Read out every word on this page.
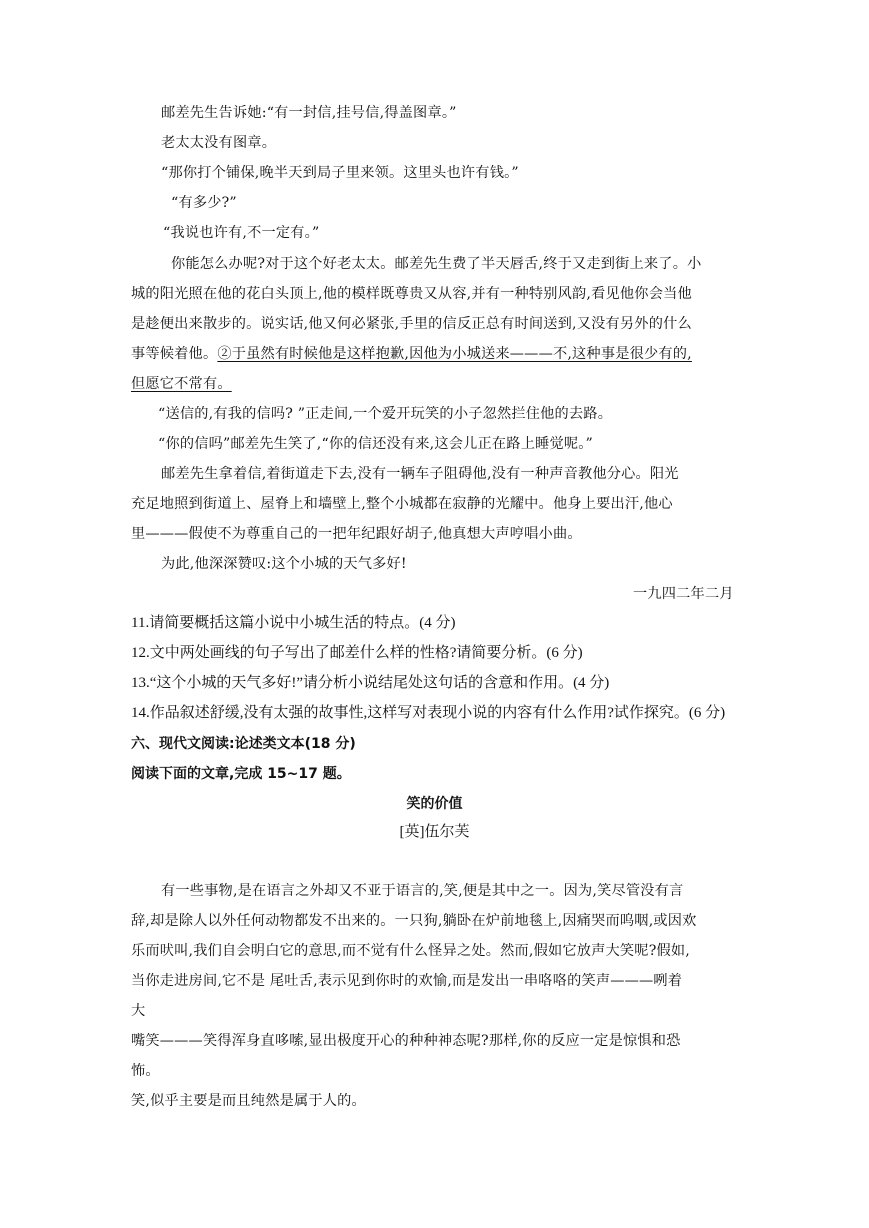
邮差先生告诉她:“有一封信,挂号信,得盖图章。”
老太太没有图章。
“那你打个铺保,晚半天到局子里来领。这里头也许有钱。”
“有多少?”
“我说也许有,不一定有。”
你能怎么办呢?对于这个好老太太。邮差先生费了半天唇舌,终于又走到街上来了。小
城的阳光照在他的花白头顶上,他的模样既尊贵又从容,并有一种特别风韵,看见他你会当他
是趁便出来散步的。说实话,他又何必紧张,手里的信反正总有时间送到,又没有另外的什么
事等候着他。②于虽然有时候他是这样抱歉,因他为小城送来———不,这种事是很少有的,
但愿它不常有。
“送信的,有我的信吗? ”正走间,一个爱开玩笑的小子忽然拦住他的去路。
“你的信吗”邮差先生笑了,“你的信还没有来,这会儿正在路上睡觉呢。”
邮差先生拿着信,着街道走下去,没有一辆车子阻碍他,没有一种声音教他分心。阳光
充足地照到街道上、屋脊上和墙壁上,整个小城都在寂静的光耀中。他身上要出汗,他心
里———假使不为尊重自己的一把年纪跟好胡子,他真想大声哼唱小曲。
为此,他深深赞叹:这个小城的天气多好!
一九四二年二月
11.请简要概括这篇小说中小城生活的特点。(4 分)
12.文中两处画线的句子写出了邮差什么样的性格?请简要分析。(6 分)
13.“这个小城的天气多好!”请分析小说结尾处这句话的含意和作用。(4 分)
14.作品叙述舒缓,没有太强的故事性,这样写对表现小说的内容有什么作用?试作探究。(6 分)
六、现代文阅读:论述类文本(18 分)
阅读下面的文章,完成 15~17 题。
笑的价值
[英]伍尔芙
有一些事物,是在语言之外却又不亚于语言的,笑,便是其中之一。因为,笑尽管没有言
辞,却是除人以外任何动物都发不出来的。一只狗,躺卧在炉前地毯上,因痛哭而呜咽,或因欢
乐而吠叫,我们自会明白它的意思,而不觉有什么怪异之处。然而,假如它放声大笑呢?假如,
当你走进房间,它不是 尾吐舌,表示见到你时的欢愉,而是发出一串咯咯的笑声———咧着
大
嘴笑———笑得浑身直哆嗦,显出极度开心的种种神态呢?那样,你的反应一定是惊惧和恐
怖。
笑,似乎主要是而且纯然是属于人的。
